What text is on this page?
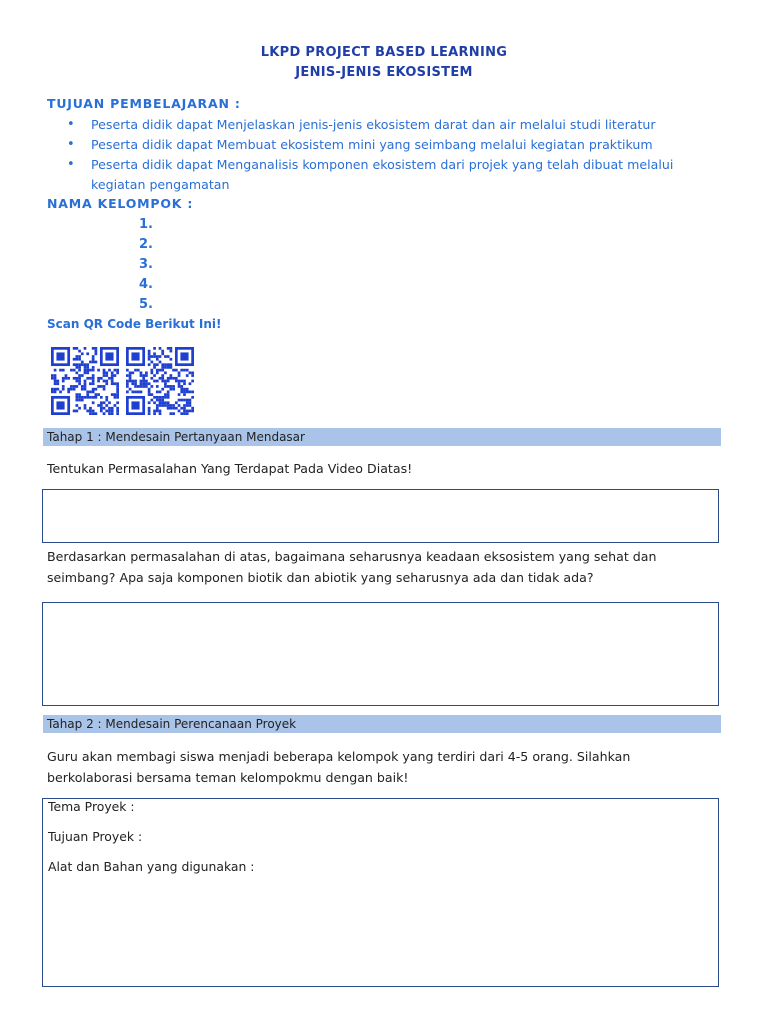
LKPD PROJECT BASED LEARNING
JENIS-JENIS EKOSISTEM
TUJUAN PEMBELAJARAN :
• Peserta didik dapat Menjelaskan jenis-jenis ekosistem darat dan air melalui studi literatur
• Peserta didik dapat Membuat ekosistem mini yang seimbang melalui kegiatan praktikum
• Peserta didik dapat Menganalisis komponen ekosistem dari projek yang telah dibuat melalui kegiatan pengamatan
NAMA KELOMPOK :
1.
2.
3.
4.
5.
Scan QR Code Berikut Ini!
Tahap 1 : Mendesain Pertanyaan Mendasar
Tentukan Permasalahan Yang Terdapat Pada Video Diatas!
Berdasarkan permasalahan di atas, bagaimana seharusnya keadaan eksosistem yang sehat dan seimbang? Apa saja komponen biotik dan abiotik yang seharusnya ada dan tidak ada?
Tahap 2 : Mendesain Perencanaan Proyek
Guru akan membagi siswa menjadi beberapa kelompok yang terdiri dari 4-5 orang. Silahkan berkolaborasi bersama teman kelompokmu dengan baik!
Tema Proyek :
Tujuan Proyek :
Alat dan Bahan yang digunakan :
